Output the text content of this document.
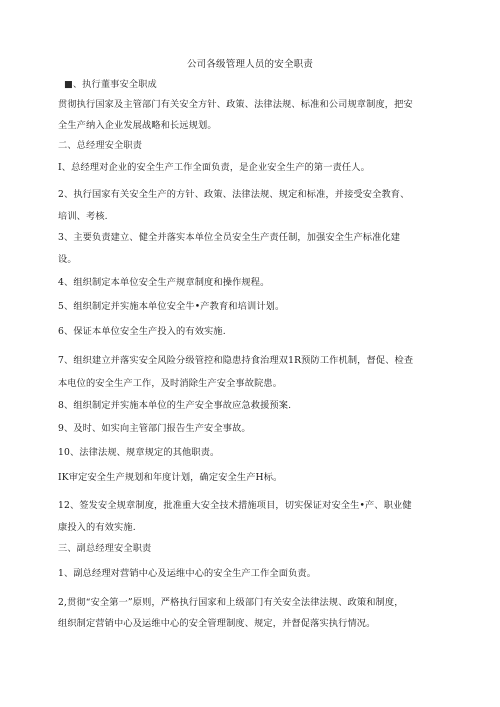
公司各级管理人员的安全职责
■、执行董事安全职成
贯彻执行国家及主管部门有关安全方针、政策、法律法规、标准和公司规章制度，把安
全生产纳入企业发展战略和长远规划。
二、总经理安全职责
I、总经理对企业的安全生产工作全面负责，是企业安全生产的第一责任人。
2、执行国家有关安全生产的方针、政策、法律法规、规定和标准，并接受安全教育、
培训、考核.
3、主要负责建立、健全并落实本单位全员安全生产责任制，加强安全生产标准化建
设。
4、组织制定本单位安全生产规章制度和操作规程。
5、组织制定并实施本单位安全牛•产教育和培训计划。
6、保证本单位安全生产投入的有效实施.
7、组织建立并落实安全风险分级管控和隐患持食治理双1R预防工作机制，督促、检查
本电位的安全生产工作，及时消除生产安全事故院患。
8、组织制定并实施本单位的生产安全事故应急救援预案.
9、及时、如实向主管部门报告生产安全事故。
10、法律法规、规章规定的其他职责。
IK审定安全生产规划和年度计划，确定安全生产H标。
12、签发安全规章制度，批准重大安全技术措施项目，切实保证对安全生•产、职业健
康投入的有效实施.
三、副总经理安全职责
1、副总经理对营销中心及运维中心的安全生产工作全面负责。
2,贯彻“安全第一”原则，严格执行国家和上级部门有关安全法律法规、政策和制度，
组织制定营销中心及运维中心的安全管理制度、规定，并督促落实执行情况。
